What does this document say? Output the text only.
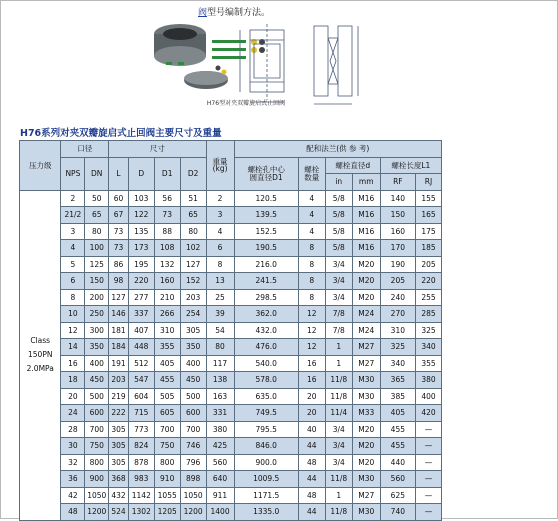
阀型号编制方法。
H76型对夹双瓣旋启式止回阀
H76系列对夹双瓣旋启式止回阀主要尺寸及重量
压力级	口径		尺寸				重量
(kg)	配和法兰(供 参 考)					
	NPS	DN	L	D	D1	D2		螺栓孔中心
圆直径D1	螺栓
数量	螺栓直径d		螺栓长度L1	
										in	mm	RF	RJ

Class
150PN
2.0MPa	2	50	60	103	56	51	2	120.5	4	5/8	M16	140	155
	21/2	65	67	122	73	65	3	139.5	4	5/8	M16	150	165
	3	80	73	135	88	80	4	152.5	4	5/8	M16	160	175
	4	100	73	173	108	102	6	190.5	8	5/8	M16	170	185
	5	125	86	195	132	127	8	216.0	8	3/4	M20	190	205
	6	150	98	220	160	152	13	241.5	8	3/4	M20	205	220
	8	200	127	277	210	203	25	298.5	8	3/4	M20	240	255
	10	250	146	337	266	254	39	362.0	12	7/8	M24	270	285
	12	300	181	407	310	305	54	432.0	12	7/8	M24	310	325
	14	350	184	448	355	350	80	476.0	12	1	M27	325	340
	16	400	191	512	405	400	117	540.0	16	1	M27	340	355
	18	450	203	547	455	450	138	578.0	16	11/8	M30	365	380
	20	500	219	604	505	500	163	635.0	20	11/8	M30	385	400
	24	600	222	715	605	600	331	749.5	20	11/4	M33	405	420
	28	700	305	773	700	700	380	795.5	40	3/4	M20	455	—
	30	750	305	824	750	746	425	846.0	44	3/4	M20	455	—
	32	800	305	878	800	796	560	900.0	48	3/4	M20	440	—
	36	900	368	983	910	898	640	1009.5	44	11/8	M30	560	—
	42	1050	432	1142	1055	1050	911	1171.5	48	1	M27	625	—
	48	1200	524	1302	1205	1200	1400	1335.0	44	11/8	M30	740	—
